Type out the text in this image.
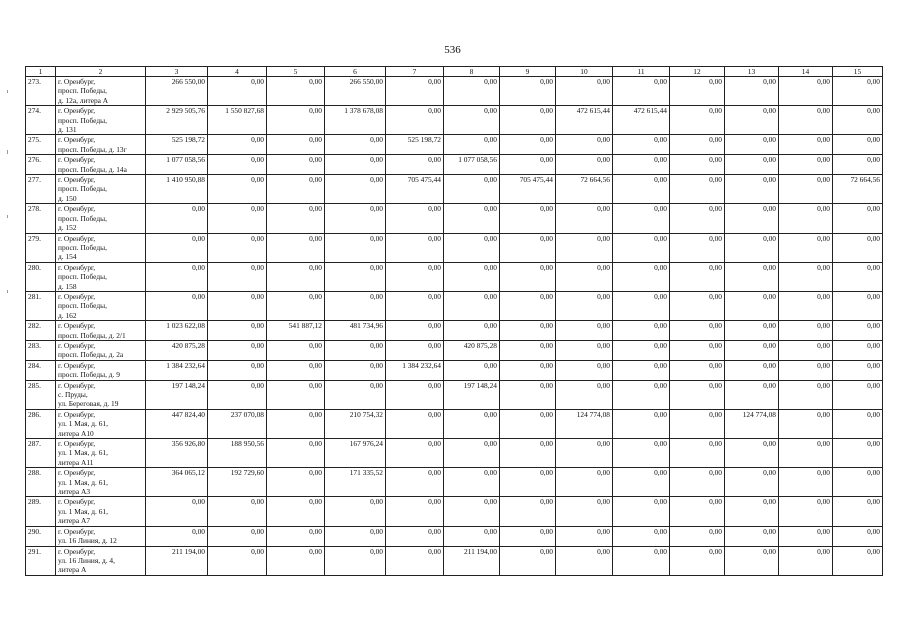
536
1	2	3	4	5	6	7	8	9	10	11	12	13	14	15
273.	г. Оренбург,
просп. Победы,
д. 12а, литера А	266 550,00	0,00	0,00	266 550,00	0,00	0,00	0,00	0,00	0,00	0,00	0,00	0,00	0,00
274.	г. Оренбург,
просп. Победы,
д. 131	2 929 505,76	1 550 827,68	0,00	1 378 678,08	0,00	0,00	0,00	472 615,44	472 615,44	0,00	0,00	0,00	0,00
275.	г. Оренбург,
просп. Победы, д. 13г	525 198,72	0,00	0,00	0,00	525 198,72	0,00	0,00	0,00	0,00	0,00	0,00	0,00	0,00
276.	г. Оренбург,
просп. Победы, д. 14а	1 077 058,56	0,00	0,00	0,00	0,00	1 077 058,56	0,00	0,00	0,00	0,00	0,00	0,00	0,00
277.	г. Оренбург,
просп. Победы,
д. 150	1 410 950,88	0,00	0,00	0,00	705 475,44	0,00	705 475,44	72 664,56	0,00	0,00	0,00	0,00	72 664,56
278.	г. Оренбург,
просп. Победы,
д. 152	0,00	0,00	0,00	0,00	0,00	0,00	0,00	0,00	0,00	0,00	0,00	0,00	0,00
279.	г. Оренбург,
просп. Победы,
д. 154	0,00	0,00	0,00	0,00	0,00	0,00	0,00	0,00	0,00	0,00	0,00	0,00	0,00
280.	г. Оренбург,
просп. Победы,
д. 158	0,00	0,00	0,00	0,00	0,00	0,00	0,00	0,00	0,00	0,00	0,00	0,00	0,00
281.	г. Оренбург,
просп. Победы,
д. 162	0,00	0,00	0,00	0,00	0,00	0,00	0,00	0,00	0,00	0,00	0,00	0,00	0,00
282.	г. Оренбург,
просп. Победы, д. 2/1	1 023 622,08	0,00	541 887,12	481 734,96	0,00	0,00	0,00	0,00	0,00	0,00	0,00	0,00	0,00
283.	г. Оренбург,
просп. Победы, д. 2а	420 875,28	0,00	0,00	0,00	0,00	420 875,28	0,00	0,00	0,00	0,00	0,00	0,00	0,00
284.	г. Оренбург,
просп. Победы, д. 9	1 384 232,64	0,00	0,00	0,00	1 384 232,64	0,00	0,00	0,00	0,00	0,00	0,00	0,00	0,00
285.	г. Оренбург,
с. Пруды,
ул. Береговая, д. 19	197 148,24	0,00	0,00	0,00	0,00	197 148,24	0,00	0,00	0,00	0,00	0,00	0,00	0,00
286.	г. Оренбург,
ул. 1 Мая, д. 61,
литера А10	447 824,40	237 070,08	0,00	210 754,32	0,00	0,00	0,00	124 774,08	0,00	0,00	124 774,08	0,00	0,00
287.	г. Оренбург,
ул. 1 Мая, д. 61,
литера А11	356 926,80	188 950,56	0,00	167 976,24	0,00	0,00	0,00	0,00	0,00	0,00	0,00	0,00	0,00
288.	г. Оренбург,
ул. 1 Мая, д. 61,
литера А3	364 065,12	192 729,60	0,00	171 335,52	0,00	0,00	0,00	0,00	0,00	0,00	0,00	0,00	0,00
289.	г. Оренбург,
ул. 1 Мая, д. 61,
литера А7	0,00	0,00	0,00	0,00	0,00	0,00	0,00	0,00	0,00	0,00	0,00	0,00	0,00
290.	г. Оренбург,
ул. 16 Линия, д. 12	0,00	0,00	0,00	0,00	0,00	0,00	0,00	0,00	0,00	0,00	0,00	0,00	0,00
291.	г. Оренбург,
ул. 16 Линия, д. 4,
литера А	211 194,00	0,00	0,00	0,00	0,00	211 194,00	0,00	0,00	0,00	0,00	0,00	0,00	0,00
